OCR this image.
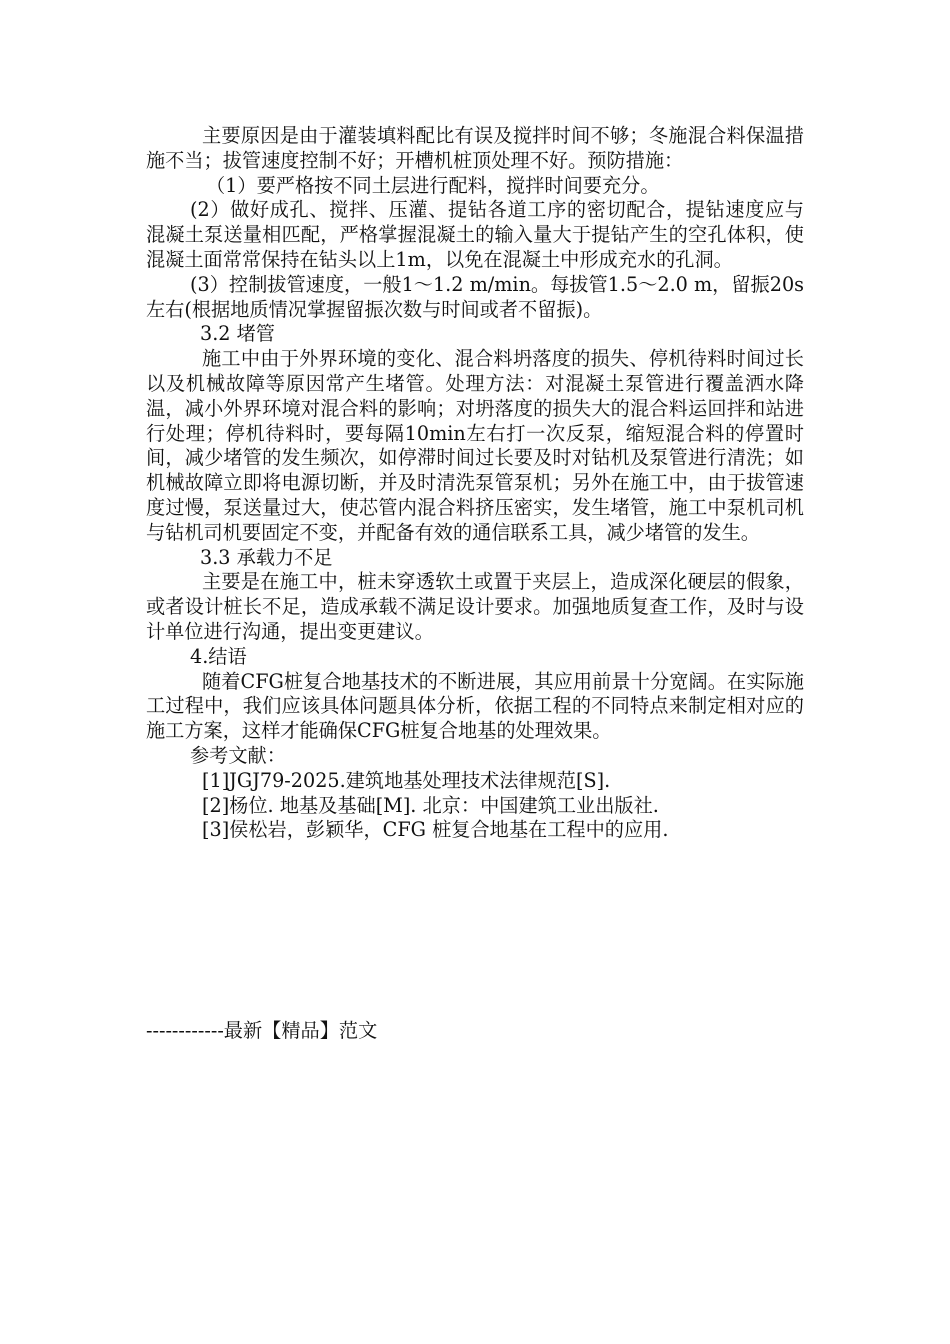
主要原因是由于灌装填料配比有误及搅拌时间不够；冬施混合料保温措施不当；拔管速度控制不好；开槽机桩顶处理不好。预防措施：

（1）要严格按不同土层进行配料，搅拌时间要充分。

(2）做好成孔、搅拌、压灌、提钻各道工序的密切配合，提钻速度应与混凝土泵送量相匹配，严格掌握混凝土的输入量大于提钻产生的空孔体积，使混凝土面常常保持在钻头以上1m，以免在混凝土中形成充水的孔洞。

(3）控制拔管速度，一般1～1.2 m/min。每拔管1.5～2.0 m，留振20s左右(根据地质情况掌握留振次数与时间或者不留振)。

3.2 堵管

施工中由于外界环境的变化、混合料坍落度的损失、停机待料时间过长以及机械故障等原因常产生堵管。处理方法：对混凝土泵管进行覆盖洒水降温，减小外界环境对混合料的影响；对坍落度的损失大的混合料运回拌和站进行处理；停机待料时，要每隔10min左右打一次反泵，缩短混合料的停置时间，减少堵管的发生频次，如停滞时间过长要及时对钻机及泵管进行清洗；如机械故障立即将电源切断，并及时清洗泵管泵机；另外在施工中，由于拔管速度过慢，泵送量过大，使芯管内混合料挤压密实，发生堵管，施工中泵机司机与钻机司机要固定不变，并配备有效的通信联系工具，减少堵管的发生。

3.3 承载力不足

主要是在施工中，桩未穿透软土或置于夹层上，造成深化硬层的假象，或者设计桩长不足，造成承载不满足设计要求。加强地质复查工作，及时与设计单位进行沟通，提出变更建议。

4.结语

随着CFG桩复合地基技术的不断进展，其应用前景十分宽阔。在实际施工过程中，我们应该具体问题具体分析，依据工程的不同特点来制定相对应的施工方案，这样才能确保CFG桩复合地基的处理效果。

参考文献：

[1]JGJ79-2025.建筑地基处理技术法律规范[S].

[2]杨位. 地基及基础[M]. 北京：中国建筑工业出版社.

[3]侯松岩，彭颖华，CFG 桩复合地基在工程中的应用.

------------最新【精品】范文
